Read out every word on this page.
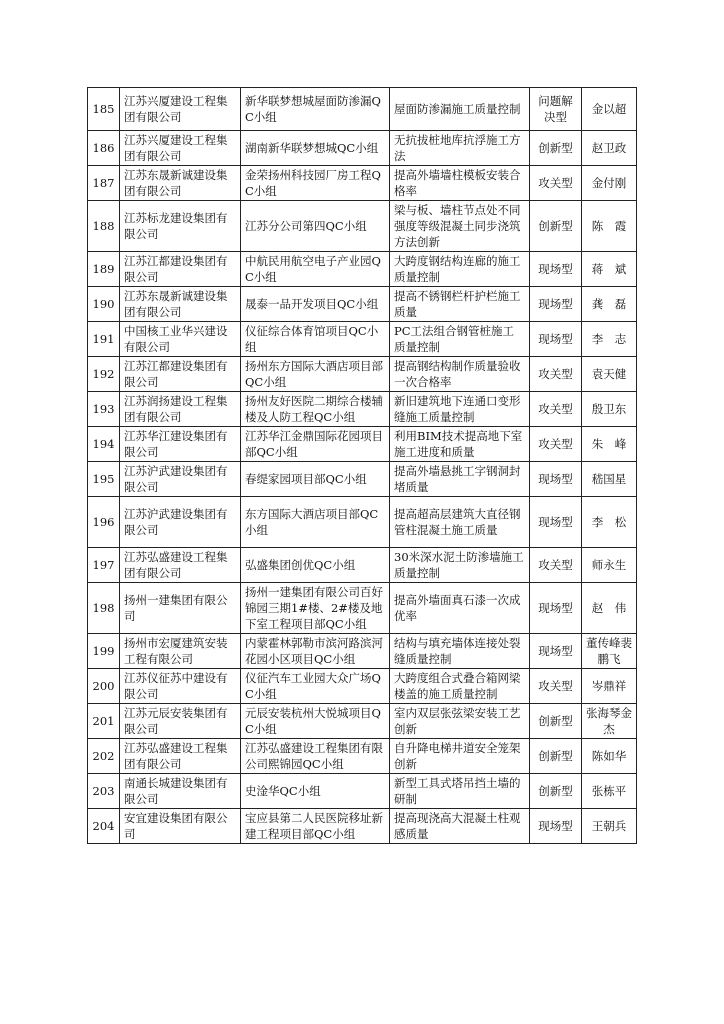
185	江苏兴厦建设工程集团有限公司	新华联梦想城屋面防渗漏QC小组	屋面防渗漏施工质量控制	问题解决型	金以超
186	江苏兴厦建设工程集团有限公司	湖南新华联梦想城QC小组	无抗拔桩地库抗浮施工方法	创新型	赵卫政
187	江苏东晟新诚建设集团有限公司	金荣扬州科技园厂房工程QC小组	提高外墙墙柱模板安装合格率	攻关型	金付刚
188	江苏标龙建设集团有限公司	江苏分公司第四QC小组	梁与板、墙柱节点处不同强度等级混凝土同步浇筑方法创新	创新型	陈　霞
189	江苏江都建设集团有限公司	中航民用航空电子产业园QC小组	大跨度钢结构连廊的施工质量控制	现场型	蒋　斌
190	江苏东晟新诚建设集团有限公司	晟泰一品开发项目QC小组	提高不锈钢栏杆护栏施工质量	现场型	龚　磊
191	中国核工业华兴建设有限公司	仪征综合体育馆项目QC小组	PC工法组合钢管桩施工质量控制	现场型	李　志
192	江苏江都建设集团有限公司	扬州东方国际大酒店项目部QC小组	提高钢结构制作质量验收一次合格率	攻关型	袁天健
193	江苏润扬建设工程集团有限公司	扬州友好医院二期综合楼辅楼及人防工程QC小组	新旧建筑地下连通口变形缝施工质量控制	攻关型	殷卫东
194	江苏华江建设集团有限公司	江苏华江金鼎国际花园项目部QC小组	利用BIM技术提高地下室施工进度和质量	攻关型	朱　峰
195	江苏沪武建设集团有限公司	春缇家园项目部QC小组	提高外墙悬挑工字钢洞封堵质量	现场型	嵇国星
196	江苏沪武建设集团有限公司	东方国际大酒店项目部QC小组	提高超高层建筑大直径钢管柱混凝土施工质量	现场型	李　松
197	江苏弘盛建设工程集团有限公司	弘盛集团创优QC小组	30米深水泥土防渗墙施工质量控制	攻关型	师永生
198	扬州一建集团有限公司	扬州一建集团有限公司百好锦园三期1#楼、2#楼及地下室工程项目部QC小组	提高外墙面真石漆一次成优率	现场型	赵　伟
199	扬州市宏厦建筑安装工程有限公司	内蒙霍林郭勒市滨河路滨河花园小区项目QC小组	结构与填充墙体连接处裂缝质量控制	现场型	董传峰裴鹏飞
200	江苏仪征苏中建设有限公司	仪征汽车工业园大众广场QC小组	大跨度组合式叠合箱网梁楼盖的施工质量控制	攻关型	岑鼎祥
201	江苏元辰安装集团有限公司	元辰安装杭州大悦城项目QC小组	室内双层张弦梁安装工艺创新	创新型	张海琴金　杰
202	江苏弘盛建设工程集团有限公司	江苏弘盛建设工程集团有限公司熙锦园QC小组	自升降电梯井道安全笼架创新	创新型	陈如华
203	南通长城建设集团有限公司	史淦华QC小组	新型工具式塔吊挡土墙的研制	创新型	张栋平
204	安宜建设集团有限公司	宝应县第二人民医院移址新建工程项目部QC小组	提高现浇高大混凝土柱观感质量	现场型	王朝兵
